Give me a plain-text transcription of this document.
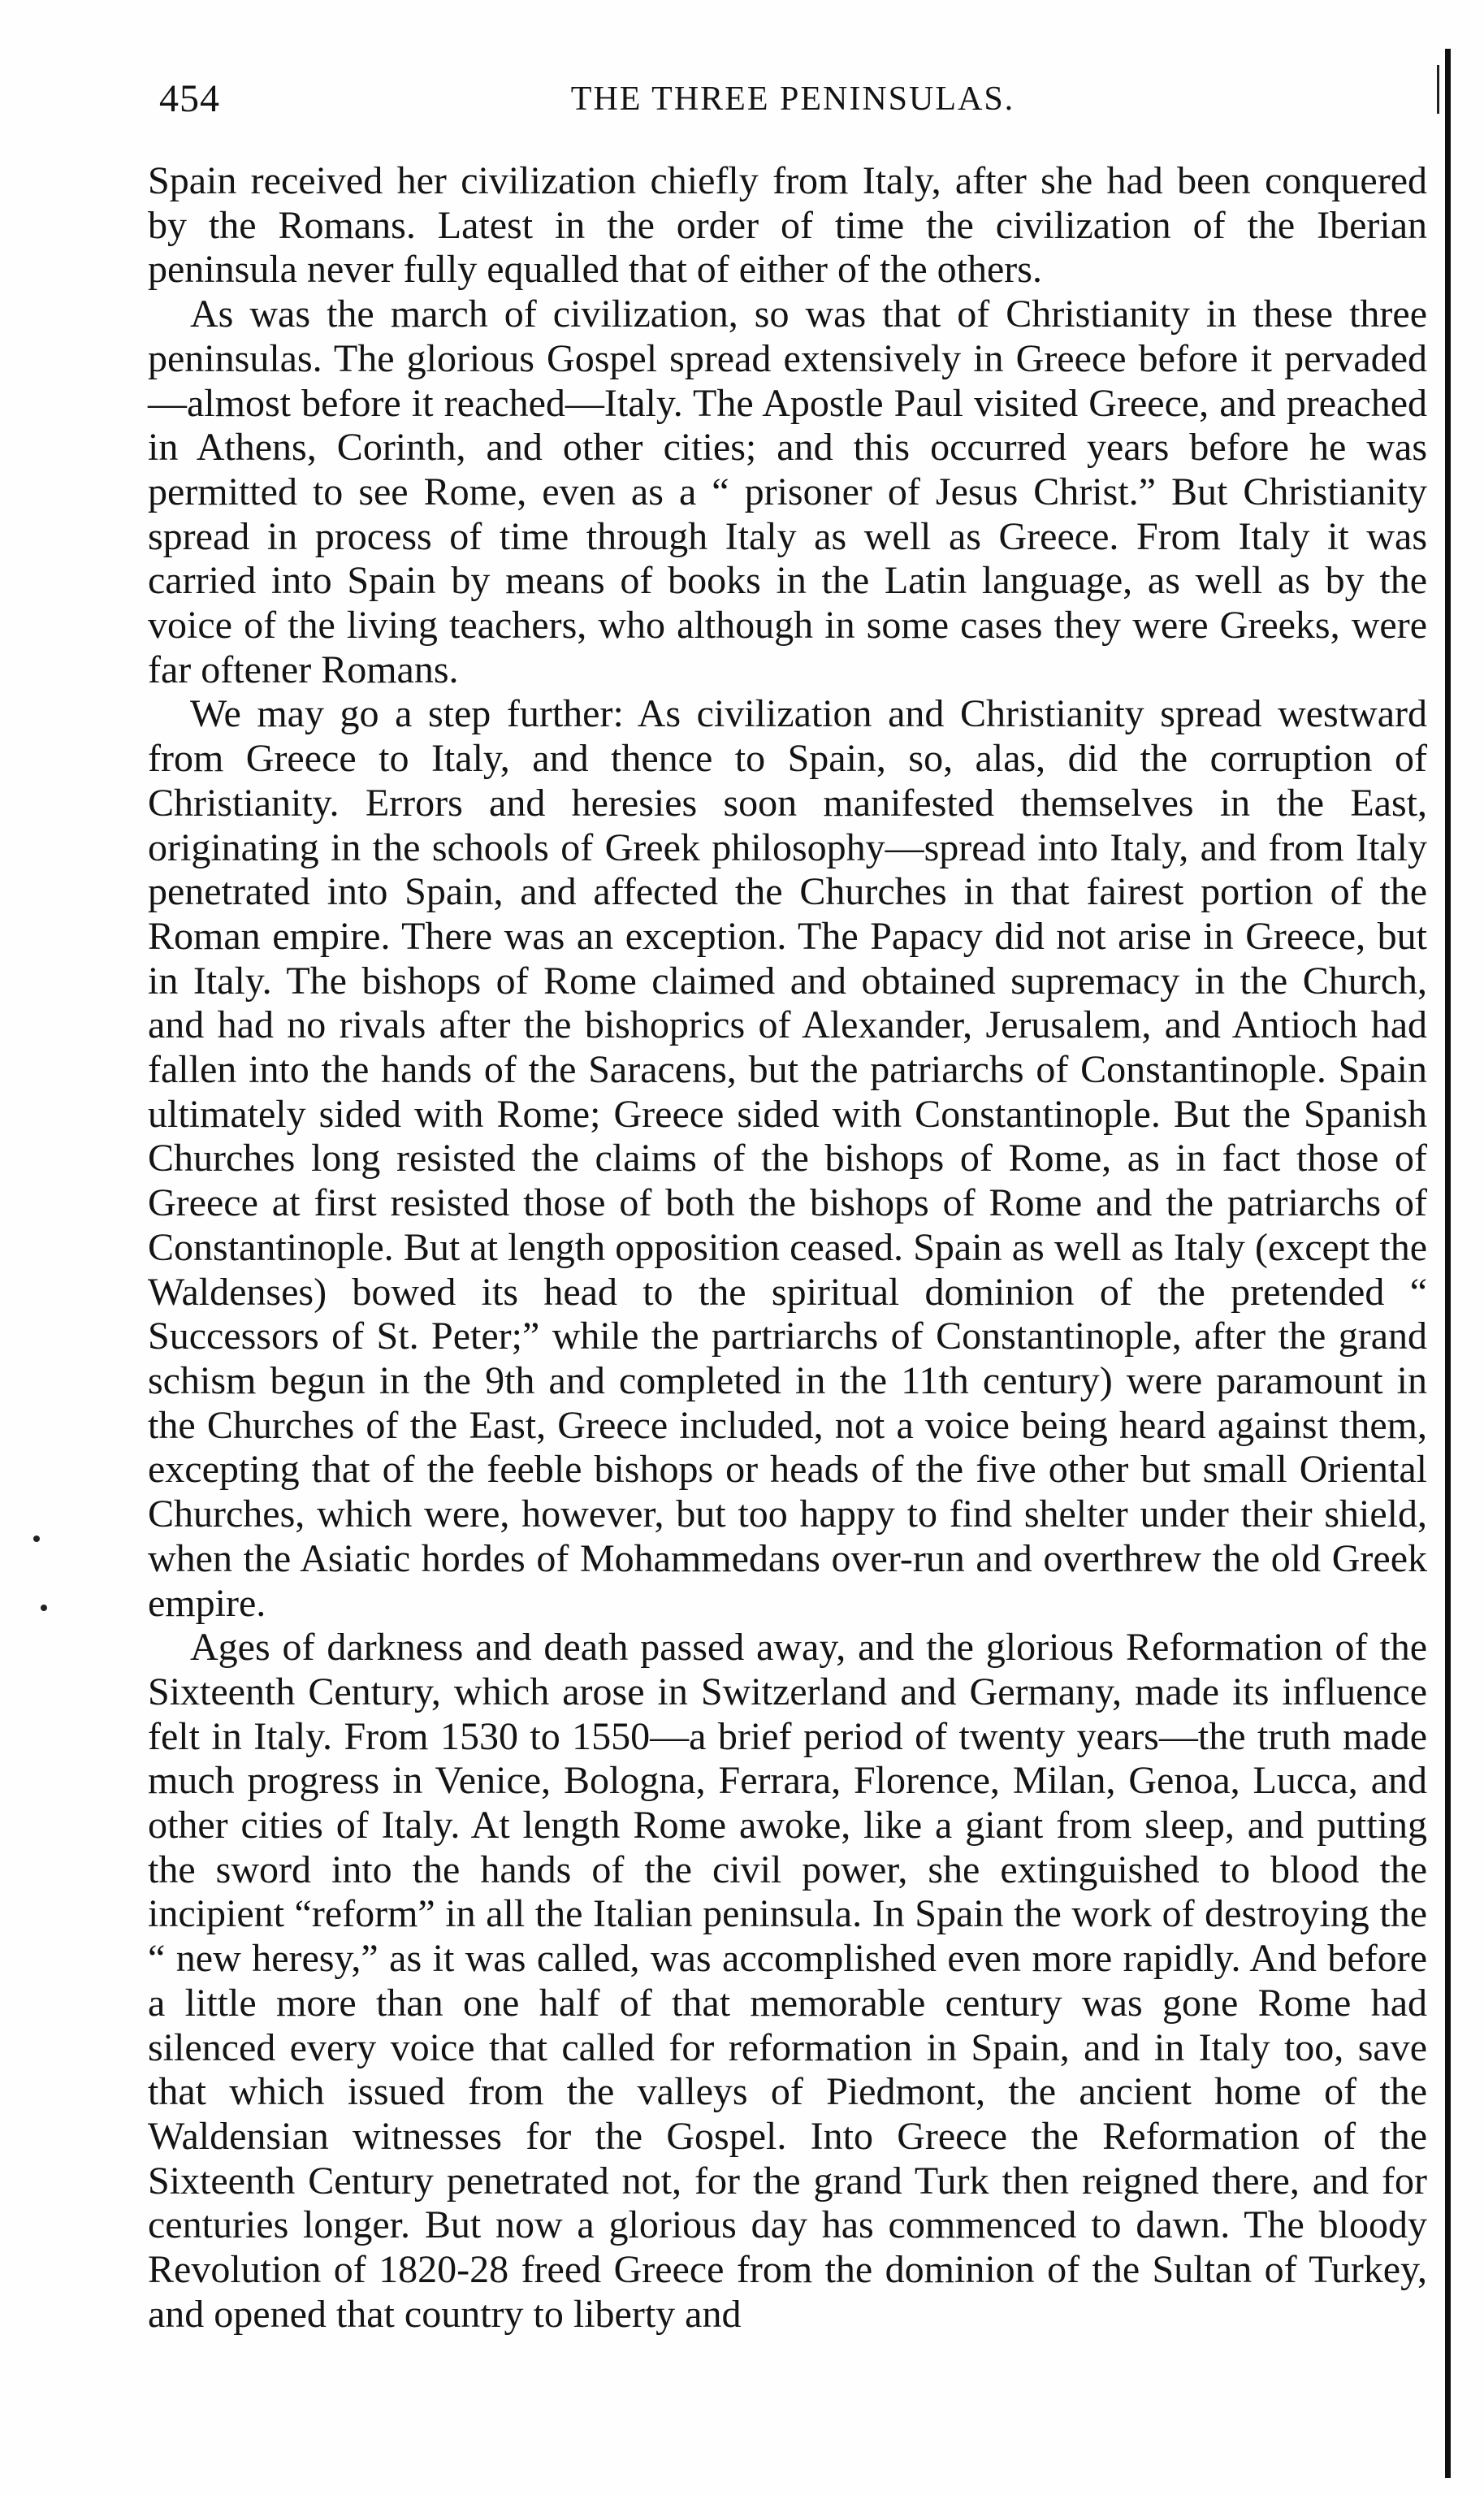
454	THE THREE PENINSULAS.

Spain received her civilization chiefly from Italy, after she had been conquered by the Romans. Latest in the order of time the civilization of the Iberian peninsula never fully equalled that of either of the others.

As was the march of civilization, so was that of Christianity in these three peninsulas. The glorious Gospel spread extensively in Greece before it pervaded—almost before it reached—Italy. The Apostle Paul visited Greece, and preached in Athens, Corinth, and other cities; and this occurred years before he was permitted to see Rome, even as a “ prisoner of Jesus Christ.” But Christianity spread in process of time through Italy as well as Greece. From Italy it was carried into Spain by means of books in the Latin language, as well as by the voice of the living teachers, who although in some cases they were Greeks, were far oftener Romans.

We may go a step further: As civilization and Christianity spread westward from Greece to Italy, and thence to Spain, so, alas, did the corruption of Christianity. Errors and heresies soon manifested themselves in the East, originating in the schools of Greek philosophy—spread into Italy, and from Italy penetrated into Spain, and affected the Churches in that fairest portion of the Roman empire. There was an exception. The Papacy did not arise in Greece, but in Italy. The bishops of Rome claimed and obtained supremacy in the Church, and had no rivals after the bishoprics of Alexander, Jerusalem, and Antioch had fallen into the hands of the Saracens, but the patriarchs of Constantinople. Spain ultimately sided with Rome; Greece sided with Constantinople. But the Spanish Churches long resisted the claims of the bishops of Rome, as in fact those of Greece at first resisted those of both the bishops of Rome and the patriarchs of Constantinople. But at length opposition ceased. Spain as well as Italy (except the Waldenses) bowed its head to the spiritual dominion of the pretended “ Successors of St. Peter;” while the partriarchs of Constantinople, after the grand schism begun in the 9th and completed in the 11th century) were paramount in the Churches of the East, Greece included, not a voice being heard against them, excepting that of the feeble bishops or heads of the five other but small Oriental Churches, which were, however, but too happy to find shelter under their shield, when the Asiatic hordes of Mohammedans over-run and overthrew the old Greek empire.

Ages of darkness and death passed away, and the glorious Reformation of the Sixteenth Century, which arose in Switzerland and Germany, made its influence felt in Italy. From 1530 to 1550—a brief period of twenty years—the truth made much progress in Venice, Bologna, Ferrara, Florence, Milan, Genoa, Lucca, and other cities of Italy. At length Rome awoke, like a giant from sleep, and putting the sword into the hands of the civil power, she extinguished to blood the incipient “reform” in all the Italian peninsula. In Spain the work of destroying the “ new heresy,” as it was called, was accomplished even more rapidly. And before a little more than one half of that memorable century was gone Rome had silenced every voice that called for reformation in Spain, and in Italy too, save that which issued from the valleys of Piedmont, the ancient home of the Waldensian witnesses for the Gospel. Into Greece the Reformation of the Sixteenth Century penetrated not, for the grand Turk then reigned there, and for centuries longer. But now a glorious day has commenced to dawn. The bloody Revolution of 1820-28 freed Greece from the dominion of the Sultan of Turkey, and opened that country to liberty and
